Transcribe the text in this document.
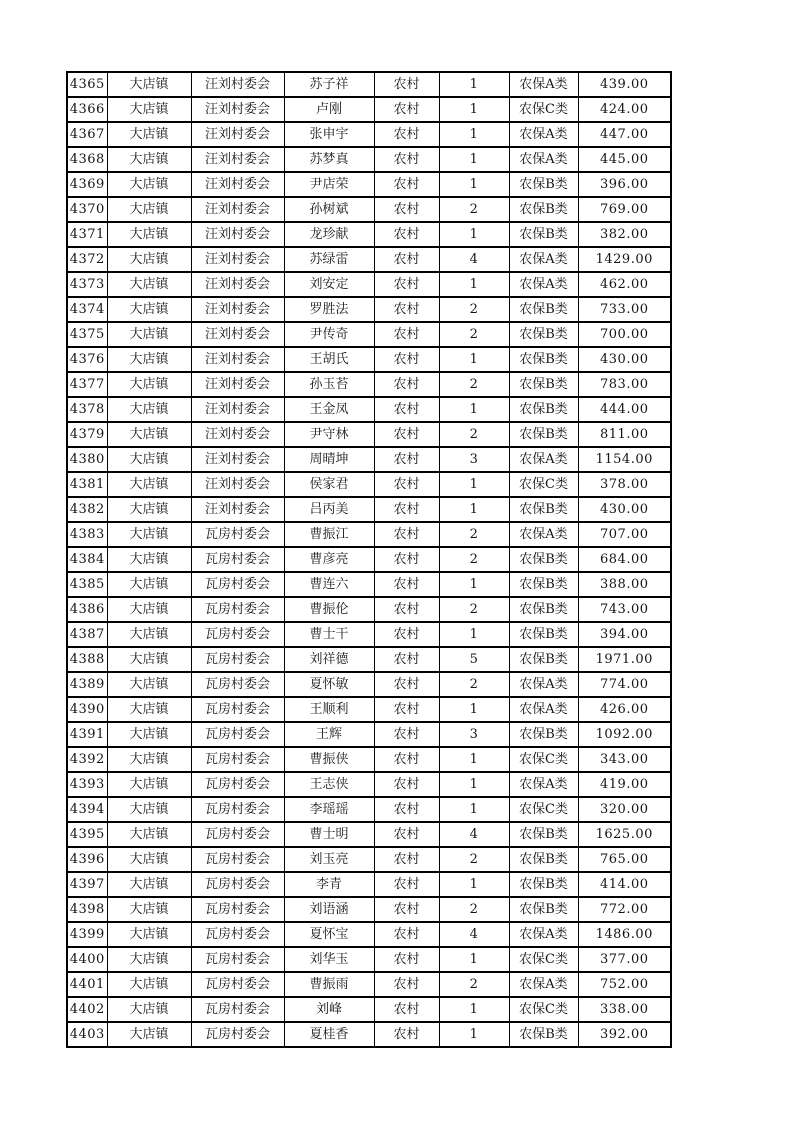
4365	大店镇	汪刘村委会	苏子祥	农村	1	农保A类	439.00
4366	大店镇	汪刘村委会	卢刚	农村	1	农保C类	424.00
4367	大店镇	汪刘村委会	张申宇	农村	1	农保A类	447.00
4368	大店镇	汪刘村委会	苏梦真	农村	1	农保A类	445.00
4369	大店镇	汪刘村委会	尹店荣	农村	1	农保B类	396.00
4370	大店镇	汪刘村委会	孙树斌	农村	2	农保B类	769.00
4371	大店镇	汪刘村委会	龙珍献	农村	1	农保B类	382.00
4372	大店镇	汪刘村委会	苏绿雷	农村	4	农保A类	1429.00
4373	大店镇	汪刘村委会	刘安定	农村	1	农保A类	462.00
4374	大店镇	汪刘村委会	罗胜法	农村	2	农保B类	733.00
4375	大店镇	汪刘村委会	尹传奇	农村	2	农保B类	700.00
4376	大店镇	汪刘村委会	王胡氏	农村	1	农保B类	430.00
4377	大店镇	汪刘村委会	孙玉苔	农村	2	农保B类	783.00
4378	大店镇	汪刘村委会	王金凤	农村	1	农保B类	444.00
4379	大店镇	汪刘村委会	尹守林	农村	2	农保B类	811.00
4380	大店镇	汪刘村委会	周晴坤	农村	3	农保A类	1154.00
4381	大店镇	汪刘村委会	侯家君	农村	1	农保C类	378.00
4382	大店镇	汪刘村委会	吕丙美	农村	1	农保B类	430.00
4383	大店镇	瓦房村委会	曹振江	农村	2	农保A类	707.00
4384	大店镇	瓦房村委会	曹彦亮	农村	2	农保B类	684.00
4385	大店镇	瓦房村委会	曹连六	农村	1	农保B类	388.00
4386	大店镇	瓦房村委会	曹振伦	农村	2	农保B类	743.00
4387	大店镇	瓦房村委会	曹士干	农村	1	农保B类	394.00
4388	大店镇	瓦房村委会	刘祥德	农村	5	农保B类	1971.00
4389	大店镇	瓦房村委会	夏怀敏	农村	2	农保A类	774.00
4390	大店镇	瓦房村委会	王顺利	农村	1	农保A类	426.00
4391	大店镇	瓦房村委会	王辉	农村	3	农保B类	1092.00
4392	大店镇	瓦房村委会	曹振侠	农村	1	农保C类	343.00
4393	大店镇	瓦房村委会	王志侠	农村	1	农保A类	419.00
4394	大店镇	瓦房村委会	李瑶瑶	农村	1	农保C类	320.00
4395	大店镇	瓦房村委会	曹士明	农村	4	农保B类	1625.00
4396	大店镇	瓦房村委会	刘玉亮	农村	2	农保B类	765.00
4397	大店镇	瓦房村委会	李青	农村	1	农保B类	414.00
4398	大店镇	瓦房村委会	刘语涵	农村	2	农保B类	772.00
4399	大店镇	瓦房村委会	夏怀宝	农村	4	农保A类	1486.00
4400	大店镇	瓦房村委会	刘华玉	农村	1	农保C类	377.00
4401	大店镇	瓦房村委会	曹振雨	农村	2	农保A类	752.00
4402	大店镇	瓦房村委会	刘峰	农村	1	农保C类	338.00
4403	大店镇	瓦房村委会	夏桂香	农村	1	农保B类	392.00
